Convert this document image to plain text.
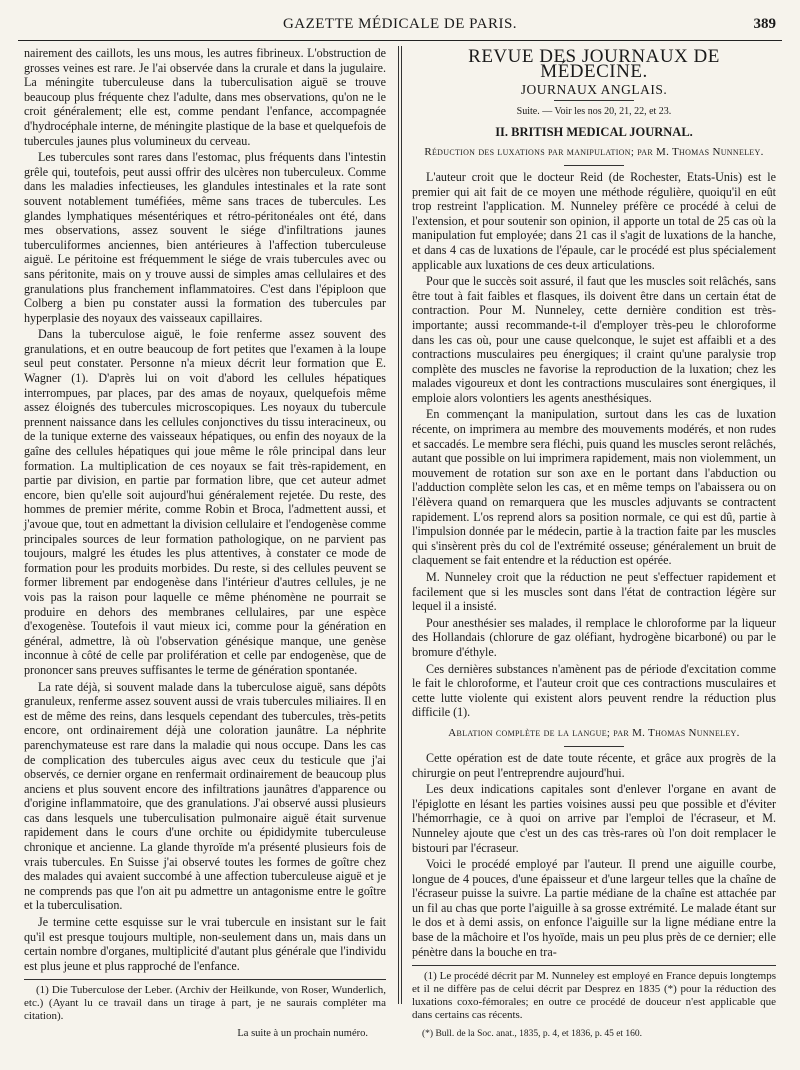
GAZETTE MÉDICALE DE PARIS.	389

nairement des caillots, les uns mous, les autres fibrineux. L'obstruction de grosses veines est rare. Je l'ai observée dans la crurale et dans la jugulaire. La méningite tuberculeuse dans la tuberculisation aiguë se trouve beaucoup plus fréquente chez l'adulte, dans mes observations, qu'on ne le croit généralement; elle est, comme pendant l'enfance, accompagnée d'hydrocéphale interne, de méningite plastique de la base et quelquefois de tubercules jaunes plus volumineux du cerveau.

Les tubercules sont rares dans l'estomac, plus fréquents dans l'intestin grêle qui, toutefois, peut aussi offrir des ulcères non tuberculeux. Comme dans les maladies infectieuses, les glandules intestinales et la rate sont souvent notablement tuméfiées, même sans traces de tubercules. Les glandes lymphatiques mésentériques et rétro-péritonéales ont été, dans mes observations, assez souvent le siége d'infiltrations jaunes tuberculiformes anciennes, bien antérieures à l'affection tuberculeuse aiguë. Le péritoine est fréquemment le siége de vrais tubercules avec ou sans péritonite, mais on y trouve aussi de simples amas cellulaires et des granulations plus franchement inflammatoires. C'est dans l'épiploon que Colberg a bien pu constater aussi la formation des tubercules par hyperplasie des noyaux des vaisseaux capillaires.

Dans la tuberculose aiguë, le foie renferme assez souvent des granulations, et en outre beaucoup de fort petites que l'examen à la loupe seul peut constater. Personne n'a mieux décrit leur formation que E. Wagner (1). D'après lui on voit d'abord les cellules hépatiques interrompues, par places, par des amas de noyaux, quelquefois même assez éloignés des tubercules microscopiques. Les noyaux du tubercule prennent naissance dans les cellules conjonctives du tissu interacineux, ou de la tunique externe des vaisseaux hépatiques, ou enfin des noyaux de la gaîne des cellules hépatiques qui joue même le rôle principal dans leur formation. La multiplication de ces noyaux se fait très-rapidement, en partie par division, en partie par formation libre, que cet auteur admet encore, bien qu'elle soit aujourd'hui généralement rejetée. Du reste, des hommes de premier mérite, comme Robin et Broca, l'admettent aussi, et j'avoue que, tout en admettant la division cellulaire et l'endogenèse comme principales sources de leur formation pathologique, on ne parvient pas toujours, malgré les études les plus attentives, à constater ce mode de formation pour les produits morbides. Du reste, si des cellules peuvent se former librement par endogenèse dans l'intérieur d'autres cellules, je ne vois pas la raison pour laquelle ce même phénomène ne pourrait se produire en dehors des membranes cellulaires, par une espèce d'exogenèse. Toutefois il vaut mieux ici, comme pour la génération en général, admettre, là où l'observation génésique manque, une genèse inconnue à côté de celle par prolifération et celle par endogenèse, que de prononcer sans preuves suffisantes le terme de génération spontanée.

La rate déjà, si souvent malade dans la tuberculose aiguë, sans dépôts granuleux, renferme assez souvent aussi de vrais tubercules miliaires. Il en est de même des reins, dans lesquels cependant des tubercules, très-petits encore, ont ordinairement déjà une coloration jaunâtre. La néphrite parenchymateuse est rare dans la maladie qui nous occupe. Dans les cas de complication des tubercules aigus avec ceux du testicule que j'ai observés, ce dernier organe en renfermait ordinairement de beaucoup plus anciens et plus souvent encore des infiltrations jaunâtres d'apparence ou d'origine inflammatoire, que des granulations. J'ai observé aussi plusieurs cas dans lesquels une tuberculisation pulmonaire aiguë était survenue rapidement dans le cours d'une orchite ou épididymite tuberculeuse chronique et ancienne. La glande thyroïde m'a présenté plusieurs fois de vrais tubercules. En Suisse j'ai observé toutes les formes de goître chez des malades qui avaient succombé à une affection tuberculeuse aiguë et je ne comprends pas que l'on ait pu admettre un antagonisme entre le goître et la tuberculisation.

Je termine cette esquisse sur le vrai tubercule en insistant sur le fait qu'il est presque toujours multiple, non-seulement dans un, mais dans un certain nombre d'organes, multiplicité d'autant plus générale que l'individu est plus jeune et plus rapproché de l'enfance.

(1) Die Tuberculose der Leber. (Archiv der Heilkunde, von Roser, Wunderlich, etc.) (Ayant lu ce travail dans un tirage à part, je ne saurais compléter ma citation).

La suite à un prochain numéro.
REVUE DES JOURNAUX DE MÉDECINE.
JOURNAUX ANGLAIS.
Suite. — Voir les nos 20, 21, 22, et 23.
II. BRITISH MEDICAL JOURNAL.
Réduction des luxations par manipulation; par M. Thomas Nunneley.

L'auteur croit que le docteur Reid (de Rochester, Etats-Unis) est le premier qui ait fait de ce moyen une méthode régulière, quoiqu'il en eût trop restreint l'application. M. Nunneley préfère ce procédé à celui de l'extension, et pour soutenir son opinion, il apporte un total de 25 cas où la manipulation fut employée; dans 21 cas il s'agit de luxations de la hanche, et dans 4 cas de luxations de l'épaule, car le procédé est plus spécialement applicable aux luxations de ces deux articulations.

Pour que le succès soit assuré, il faut que les muscles soit relâchés, sans être tout à fait faibles et flasques, ils doivent être dans un certain état de contraction. Pour M. Nunneley, cette dernière condition est très-importante; aussi recommande-t-il d'employer très-peu le chloroforme dans les cas où, pour une cause quelconque, le sujet est affaibli et a des contractions musculaires peu énergiques; il craint qu'une paralysie trop complète des muscles ne favorise la reproduction de la luxation; chez les malades vigoureux et dont les contractions musculaires sont énergiques, il emploie alors volontiers les agents anesthésiques.

En commençant la manipulation, surtout dans les cas de luxation récente, on imprimera au membre des mouvements modérés, et non rudes et saccadés. Le membre sera fléchi, puis quand les muscles seront relâchés, autant que possible on lui imprimera rapidement, mais non violemment, un mouvement de rotation sur son axe en le portant dans l'abduction ou l'adduction complète selon les cas, et en même temps on l'abaissera ou on l'élèvera quand on remarquera que les muscles adjuvants se contractent rapidement. L'os reprend alors sa position normale, ce qui est dû, partie à l'impulsion donnée par le médecin, partie à la traction faite par les muscles qui s'insèrent près du col de l'extrémité osseuse; généralement un bruit de claquement se fait entendre et la réduction est opérée.

M. Nunneley croit que la réduction ne peut s'effectuer rapidement et facilement que si les muscles sont dans l'état de contraction légère sur lequel il a insisté.

Pour anesthésier ses malades, il remplace le chloroforme par la liqueur des Hollandais (chlorure de gaz oléfiant, hydrogène bicarboné) ou par le bromure d'éthyle.

Ces dernières substances n'amènent pas de période d'excitation comme le fait le chloroforme, et l'auteur croit que ces contractions musculaires et cette lutte violente qui existent alors peuvent rendre la réduction plus difficile (1).

Ablation complète de la langue; par M. Thomas Nunneley.

Cette opération est de date toute récente, et grâce aux progrès de la chirurgie on peut l'entreprendre aujourd'hui.

Les deux indications capitales sont d'enlever l'organe en avant de l'épiglotte en lésant les parties voisines aussi peu que possible et d'éviter l'hémorrhagie, ce à quoi on arrive par l'emploi de l'écraseur, et M. Nunneley ajoute que c'est un des cas très-rares où l'on doit remplacer le bistouri par l'écraseur.

Voici le procédé employé par l'auteur. Il prend une aiguille courbe, longue de 4 pouces, d'une épaisseur et d'une largeur telles que la chaîne de l'écraseur puisse la suivre. La partie médiane de la chaîne est attachée par un fil au chas que porte l'aiguille à sa grosse extrémité. Le malade étant sur le dos et à demi assis, on enfonce l'aiguille sur la ligne médiane entre la base de la mâchoire et l'os hyoïde, mais un peu plus près de ce dernier; elle pénètre dans la bouche en tra-

(1) Le procédé décrit par M. Nunneley est employé en France depuis longtemps et il ne diffère pas de celui décrit par Desprez en 1835 (*) pour la réduction des luxations coxo-fémorales; en outre ce procédé de douceur n'est applicable que dans certains cas récents.

(*) Bull. de la Soc. anat., 1835, p. 4, et 1836, p. 45 et 160.
